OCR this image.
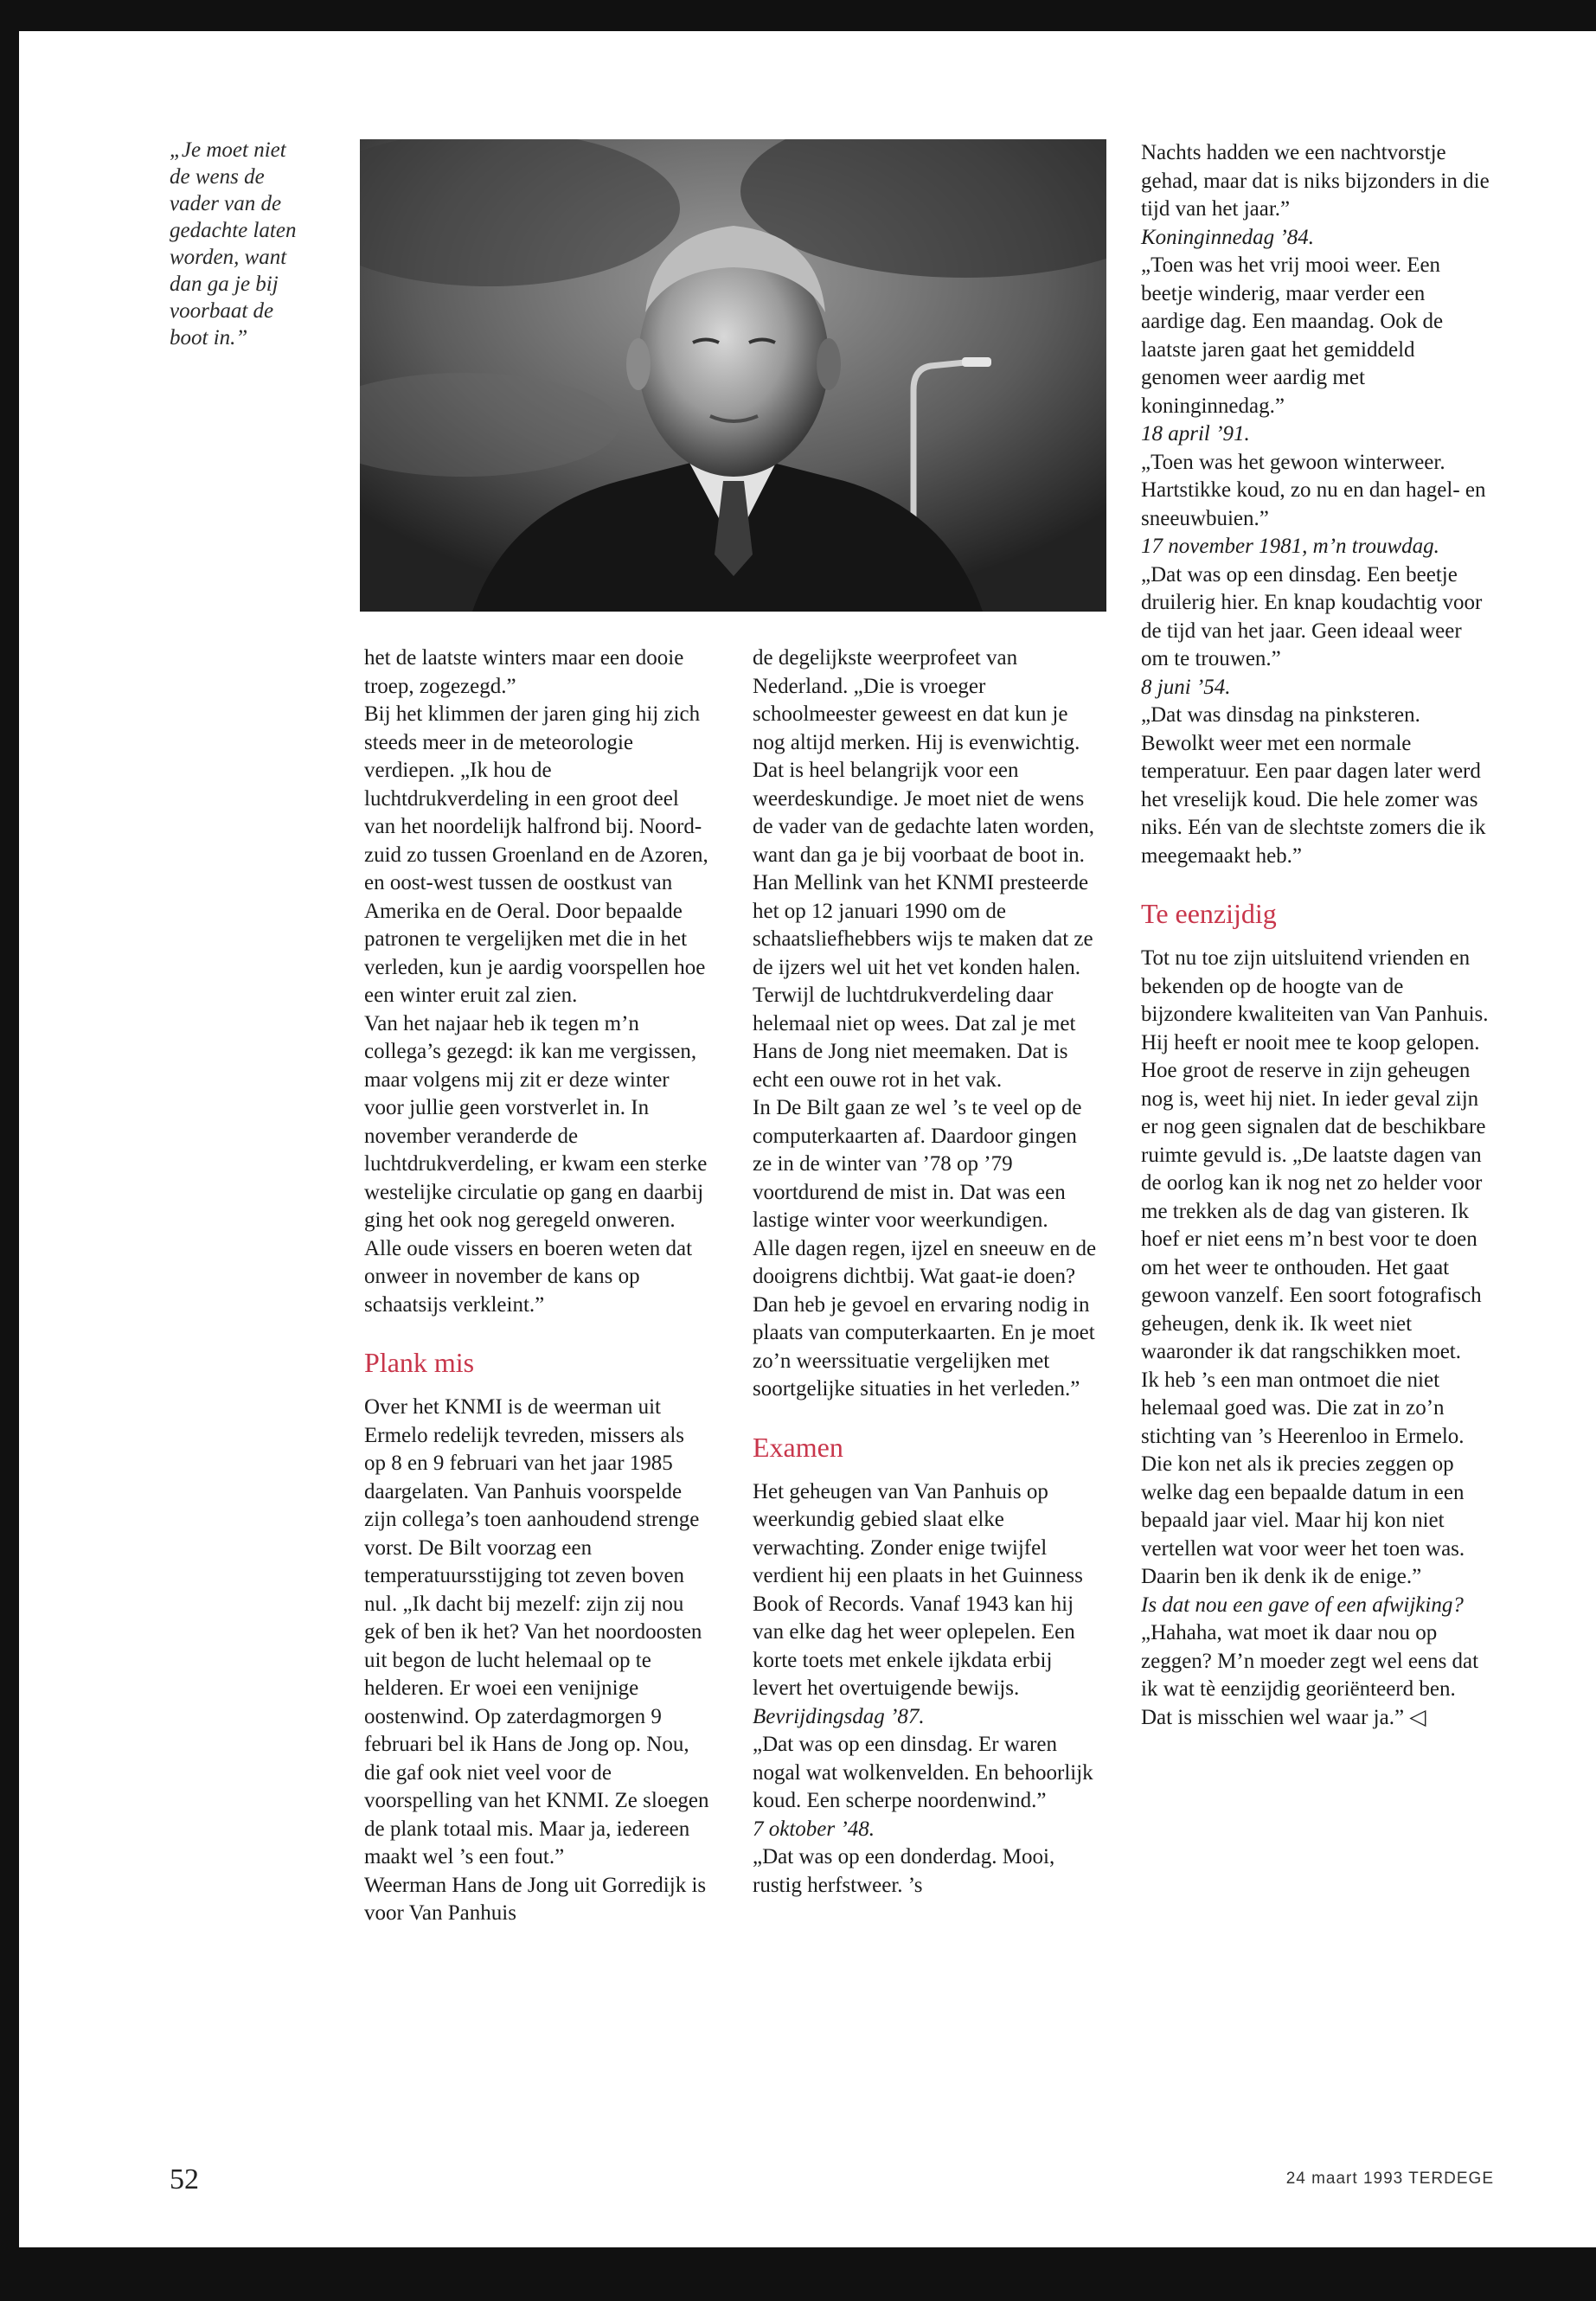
„Je moet niet
de wens de
vader van de
gedachte laten
worden, want
dan ga je bij
voorbaat de
boot in.”

het de laatste winters maar een dooie troep, zogezegd.”

Bij het klimmen der jaren ging hij zich steeds meer in de meteorologie verdiepen. „Ik hou de luchtdrukverdeling in een groot deel van het noordelijk halfrond bij. Noord-zuid zo tussen Groenland en de Azoren, en oost-west tussen de oostkust van Amerika en de Oeral. Door bepaalde patronen te vergelijken met die in het verleden, kun je aardig voorspellen hoe een winter eruit zal zien.

Van het najaar heb ik tegen m’n collega’s gezegd: ik kan me vergissen, maar volgens mij zit er deze winter voor jullie geen vorstverlet in. In november veranderde de luchtdrukverdeling, er kwam een sterke westelijke circulatie op gang en daarbij ging het ook nog geregeld onweren. Alle oude vissers en boeren weten dat onweer in november de kans op schaatsijs verkleint.”

Plank mis

Over het KNMI is de weerman uit Ermelo redelijk tevreden, missers als op 8 en 9 februari van het jaar 1985 daargelaten. Van Panhuis voorspelde zijn collega’s toen aanhoudend strenge vorst. De Bilt voorzag een temperatuursstijging tot zeven boven nul. „Ik dacht bij mezelf: zijn zij nou gek of ben ik het? Van het noordoosten uit begon de lucht helemaal op te helderen. Er woei een venijnige oostenwind. Op zaterdagmorgen 9 februari bel ik Hans de Jong op. Nou, die gaf ook niet veel voor de voorspelling van het KNMI. Ze sloegen de plank totaal mis. Maar ja, iedereen maakt wel ’s een fout.”

Weerman Hans de Jong uit Gorredijk is voor Van Panhuis

de degelijkste weerprofeet van Nederland. „Die is vroeger schoolmeester geweest en dat kun je nog altijd merken. Hij is evenwichtig. Dat is heel belangrijk voor een weerdeskundige. Je moet niet de wens de vader van de gedachte laten worden, want dan ga je bij voorbaat de boot in. Han Mellink van het KNMI presteerde het op 12 januari 1990 om de schaatsliefhebbers wijs te maken dat ze de ijzers wel uit het vet konden halen. Terwijl de luchtdrukverdeling daar helemaal niet op wees. Dat zal je met Hans de Jong niet meemaken. Dat is echt een ouwe rot in het vak.

In De Bilt gaan ze wel ’s te veel op de computerkaarten af. Daardoor gingen ze in de winter van ’78 op ’79 voortdurend de mist in. Dat was een lastige winter voor weerkundigen.

Alle dagen regen, ijzel en sneeuw en de dooigrens dichtbij. Wat gaat-ie doen? Dan heb je gevoel en ervaring nodig in plaats van computerkaarten. En je moet zo’n weerssituatie vergelijken met soortgelijke situaties in het verleden.”

Examen

Het geheugen van Van Panhuis op weerkundig gebied slaat elke verwachting. Zonder enige twijfel verdient hij een plaats in het Guinness Book of Records. Vanaf 1943 kan hij van elke dag het weer oplepelen. Een korte toets met enkele ijkdata erbij levert het overtuigende bewijs.

Bevrijdingsdag ’87.

„Dat was op een dinsdag. Er waren nogal wat wolkenvelden. En behoorlijk koud. Een scherpe noordenwind.”

7 oktober ’48.

„Dat was op een donderdag. Mooi, rustig herfstweer. ’s

Nachts hadden we een nachtvorstje gehad, maar dat is niks bijzonders in die tijd van het jaar.”

Koninginnedag ’84.

„Toen was het vrij mooi weer. Een beetje winderig, maar verder een aardige dag. Een maandag. Ook de laatste jaren gaat het gemiddeld genomen weer aardig met koninginnedag.”

18 april ’91.

„Toen was het gewoon winterweer. Hartstikke koud, zo nu en dan hagel- en sneeuwbuien.”

17 november 1981, m’n trouwdag.

„Dat was op een dinsdag. Een beetje druilerig hier. En knap koudachtig voor de tijd van het jaar. Geen ideaal weer om te trouwen.”

8 juni ’54.

„Dat was dinsdag na pinksteren. Bewolkt weer met een normale temperatuur. Een paar dagen later werd het vreselijk koud. Die hele zomer was niks. Eén van de slechtste zomers die ik meegemaakt heb.”

Te eenzijdig

Tot nu toe zijn uitsluitend vrienden en bekenden op de hoogte van de bijzondere kwaliteiten van Van Panhuis. Hij heeft er nooit mee te koop gelopen. Hoe groot de reserve in zijn geheugen nog is, weet hij niet. In ieder geval zijn er nog geen signalen dat de beschikbare ruimte gevuld is. „De laatste dagen van de oorlog kan ik nog net zo helder voor me trekken als de dag van gisteren. Ik hoef er niet eens m’n best voor te doen om het weer te onthouden. Het gaat gewoon vanzelf. Een soort fotografisch geheugen, denk ik. Ik weet niet waaronder ik dat rangschikken moet.

Ik heb ’s een man ontmoet die niet helemaal goed was. Die zat in zo’n stichting van ’s Heerenloo in Ermelo. Die kon net als ik precies zeggen op welke dag een bepaalde datum in een bepaald jaar viel. Maar hij kon niet vertellen wat voor weer het toen was. Daarin ben ik denk ik de enige.”

Is dat nou een gave of een afwijking?

„Hahaha, wat moet ik daar nou op zeggen? M’n moeder zegt wel eens dat ik wat tè eenzijdig georiënteerd ben. Dat is misschien wel waar ja.” ◁

52	24 maart 1993 TERDEGE
